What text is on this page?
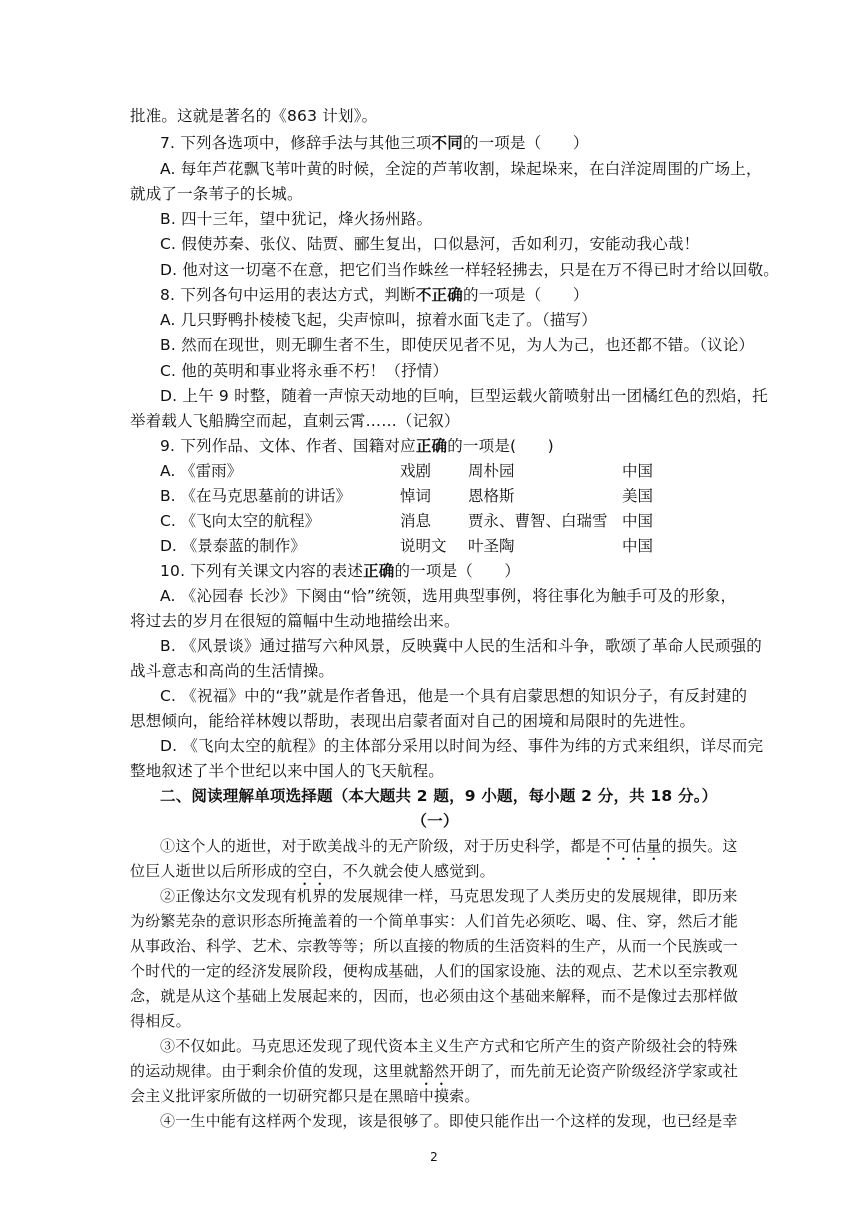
批准。这就是著名的《863 计划》。
7. 下列各选项中，修辞手法与其他三项不同的一项是（　　）
A. 每年芦花飘飞苇叶黄的时候，全淀的芦苇收割，垛起垛来，在白洋淀周围的广场上，
就成了一条苇子的长城。
B. 四十三年，望中犹记，烽火扬州路。
C. 假使苏秦、张仪、陆贾、郦生复出，口似悬河，舌如利刃，安能动我心哉！
D. 他对这一切毫不在意，把它们当作蛛丝一样轻轻拂去，只是在万不得已时才给以回敬。
8. 下列各句中运用的表达方式，判断不正确的一项是（　　）
A. 几只野鸭扑棱棱飞起，尖声惊叫，掠着水面飞走了。（描写）
B. 然而在现世，则无聊生者不生，即使厌见者不见，为人为己，也还都不错。（议论）
C. 他的英明和事业将永垂不朽！（抒情）
D. 上午 9 时整，随着一声惊天动地的巨响，巨型运载火箭喷射出一团橘红色的烈焰，托
举着载人飞船腾空而起，直刺云霄……（记叙）
9. 下列作品、文体、作者、国籍对应正确的一项是(　　)
A. 《雷雨》	戏剧 周朴园	中国
B. 《在马克思墓前的讲话》	悼词 恩格斯	美国
C. 《飞向太空的航程》	消息 贾永、曹智、白瑞雪 中国
D. 《景泰蓝的制作》	说明文 叶圣陶	中国
10. 下列有关课文内容的表述正确的一项是（　　）
A. 《沁园春 长沙》下阕由“恰”统领，选用典型事例，将往事化为触手可及的形象，
将过去的岁月在很短的篇幅中生动地描绘出来。
B. 《风景谈》通过描写六种风景，反映冀中人民的生活和斗争，歌颂了革命人民顽强的
战斗意志和高尚的生活情操。
C. 《祝福》中的“我”就是作者鲁迅，他是一个具有启蒙思想的知识分子，有反封建的
思想倾向，能给祥林嫂以帮助，表现出启蒙者面对自己的困境和局限时的先进性。
D. 《飞向太空的航程》的主体部分采用以时间为经、事件为纬的方式来组织，详尽而完
整地叙述了半个世纪以来中国人的飞天航程。
二、阅读理解单项选择题（本大题共 2 题，9 小题，每小题 2 分，共 18 分。）
（一）
①这个人的逝世，对于欧美战斗的无产阶级，对于历史科学，都是不可估量的损失。这
位巨人逝世以后所形成的空白，不久就会使人感觉到。
②正像达尔文发现有机界的发展规律一样，马克思发现了人类历史的发展规律，即历来
为纷繁芜杂的意识形态所掩盖着的一个简单事实：人们首先必须吃、喝、住、穿，然后才能
从事政治、科学、艺术、宗教等等；所以直接的物质的生活资料的生产，从而一个民族或一
个时代的一定的经济发展阶段，便构成基础，人们的国家设施、法的观点、艺术以至宗教观
念，就是从这个基础上发展起来的，因而，也必须由这个基础来解释，而不是像过去那样做
得相反。
③不仅如此。马克思还发现了现代资本主义生产方式和它所产生的资产阶级社会的特殊
的运动规律。由于剩余价值的发现，这里就豁然开朗了，而先前无论资产阶级经济学家或社
会主义批评家所做的一切研究都只是在黑暗中摸索。
④一生中能有这样两个发现，该是很够了。即使只能作出一个这样的发现，也已经是幸
2
